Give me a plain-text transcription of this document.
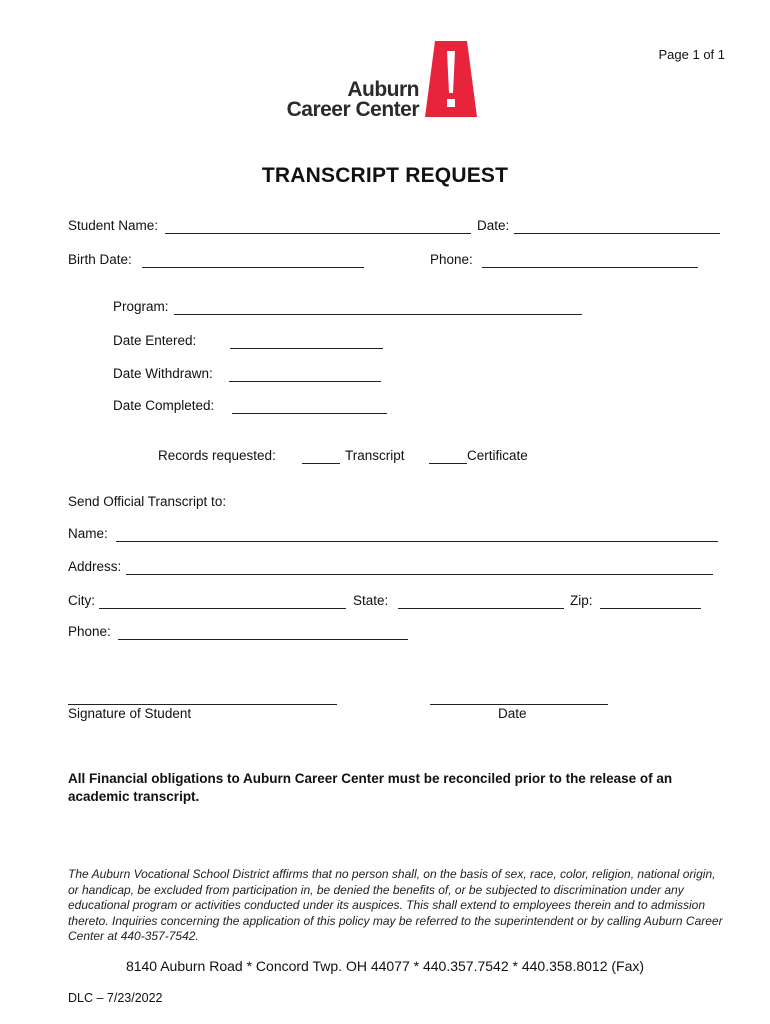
Page 1 of 1
Auburn
Career Center
TRANSCRIPT REQUEST
Student Name:	Date:
Birth Date:	Phone:
Program:
Date Entered:
Date Withdrawn:
Date Completed:
Records requested:	Transcript	Certificate
Send Official Transcript to:
Name:
Address:
City:	State:	Zip:
Phone:
Signature of Student	Date
All Financial obligations to Auburn Career Center must be reconciled prior to the release of an academic transcript.
The Auburn Vocational School District affirms that no person shall, on the basis of sex, race, color, religion, national origin, or handicap, be excluded from participation in, be denied the benefits of, or be subjected to discrimination under any educational program or activities conducted under its auspices. This shall extend to employees therein and to admission thereto. Inquiries concerning the application of this policy may be referred to the superintendent or by calling Auburn Career Center at 440-357-7542.
8140 Auburn Road * Concord Twp. OH 44077 * 440.357.7542 * 440.358.8012 (Fax)
DLC – 7/23/2022
